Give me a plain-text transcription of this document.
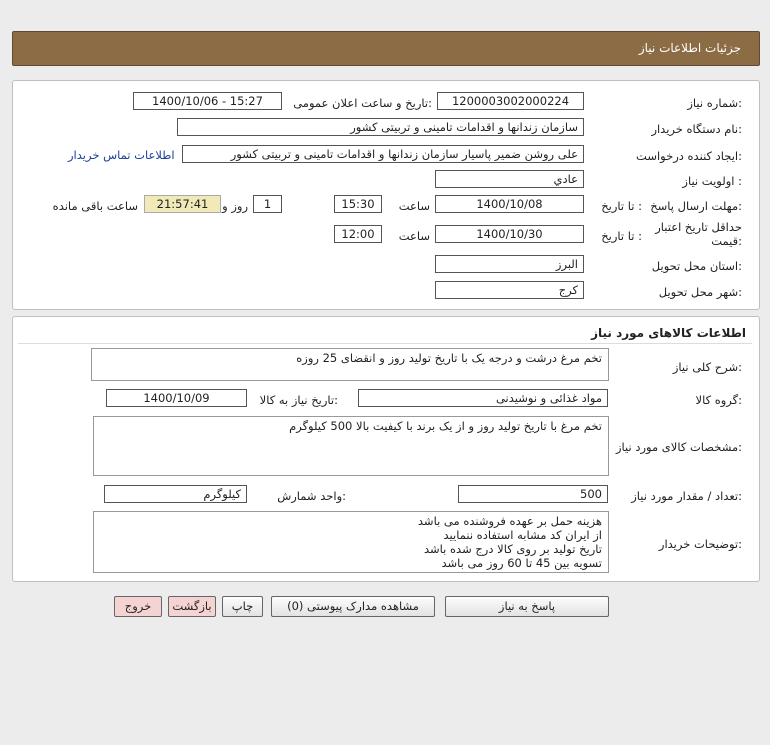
جزئیات اطلاعات نیاز
شماره نیاز:
1200003002000224
تاریخ و ساعت اعلان عمومی:
1400/10/06 - 15:27
نام دستگاه خریدار:
سازمان زندانها و اقدامات تامینی و تربیتی کشور
ایجاد کننده درخواست:
علی روشن ضمیر پاسیار سازمان زندانها و اقدامات تامینی و تربیتی کشور
اطلاعات تماس خریدار
اولویت نیاز :
عادي
مهلت ارسال پاسخ:
تا تاریخ :
1400/10/08
ساعت
15:30
1
روز و
21:57:41
ساعت باقی مانده
حداقل تاریخ اعتبار
قیمت:
تا تاریخ :
1400/10/30
ساعت
12:00
استان محل تحویل:
البرز
شهر محل تحویل:
کرج
اطلاعات کالاهای مورد نیاز
شرح کلی نیاز:
تخم مرغ درشت و درجه یک با تاریخ تولید روز و انقضای 25 روزه
گروه کالا:
مواد غذائی و نوشیدنی
تاریخ نیاز به کالا:
1400/10/09
مشخصات کالای مورد نیاز:
تخم مرغ با تاریخ تولید روز و از یک برند با کیفیت بالا 500 کیلوگرم
تعداد / مقدار مورد نیاز:
500
واحد شمارش:
کیلوگرم
توضیحات خریدار:
هزینه حمل بر عهده فروشنده می باشد
از ایران کد مشابه استفاده ننمایید
تاریخ تولید بر روی کالا درج شده باشد
تسویه بین 45 تا 60 روز می باشد
پاسخ به نیاز
مشاهده مدارک پیوستی (0)
چاپ
بازگشت
خروج
